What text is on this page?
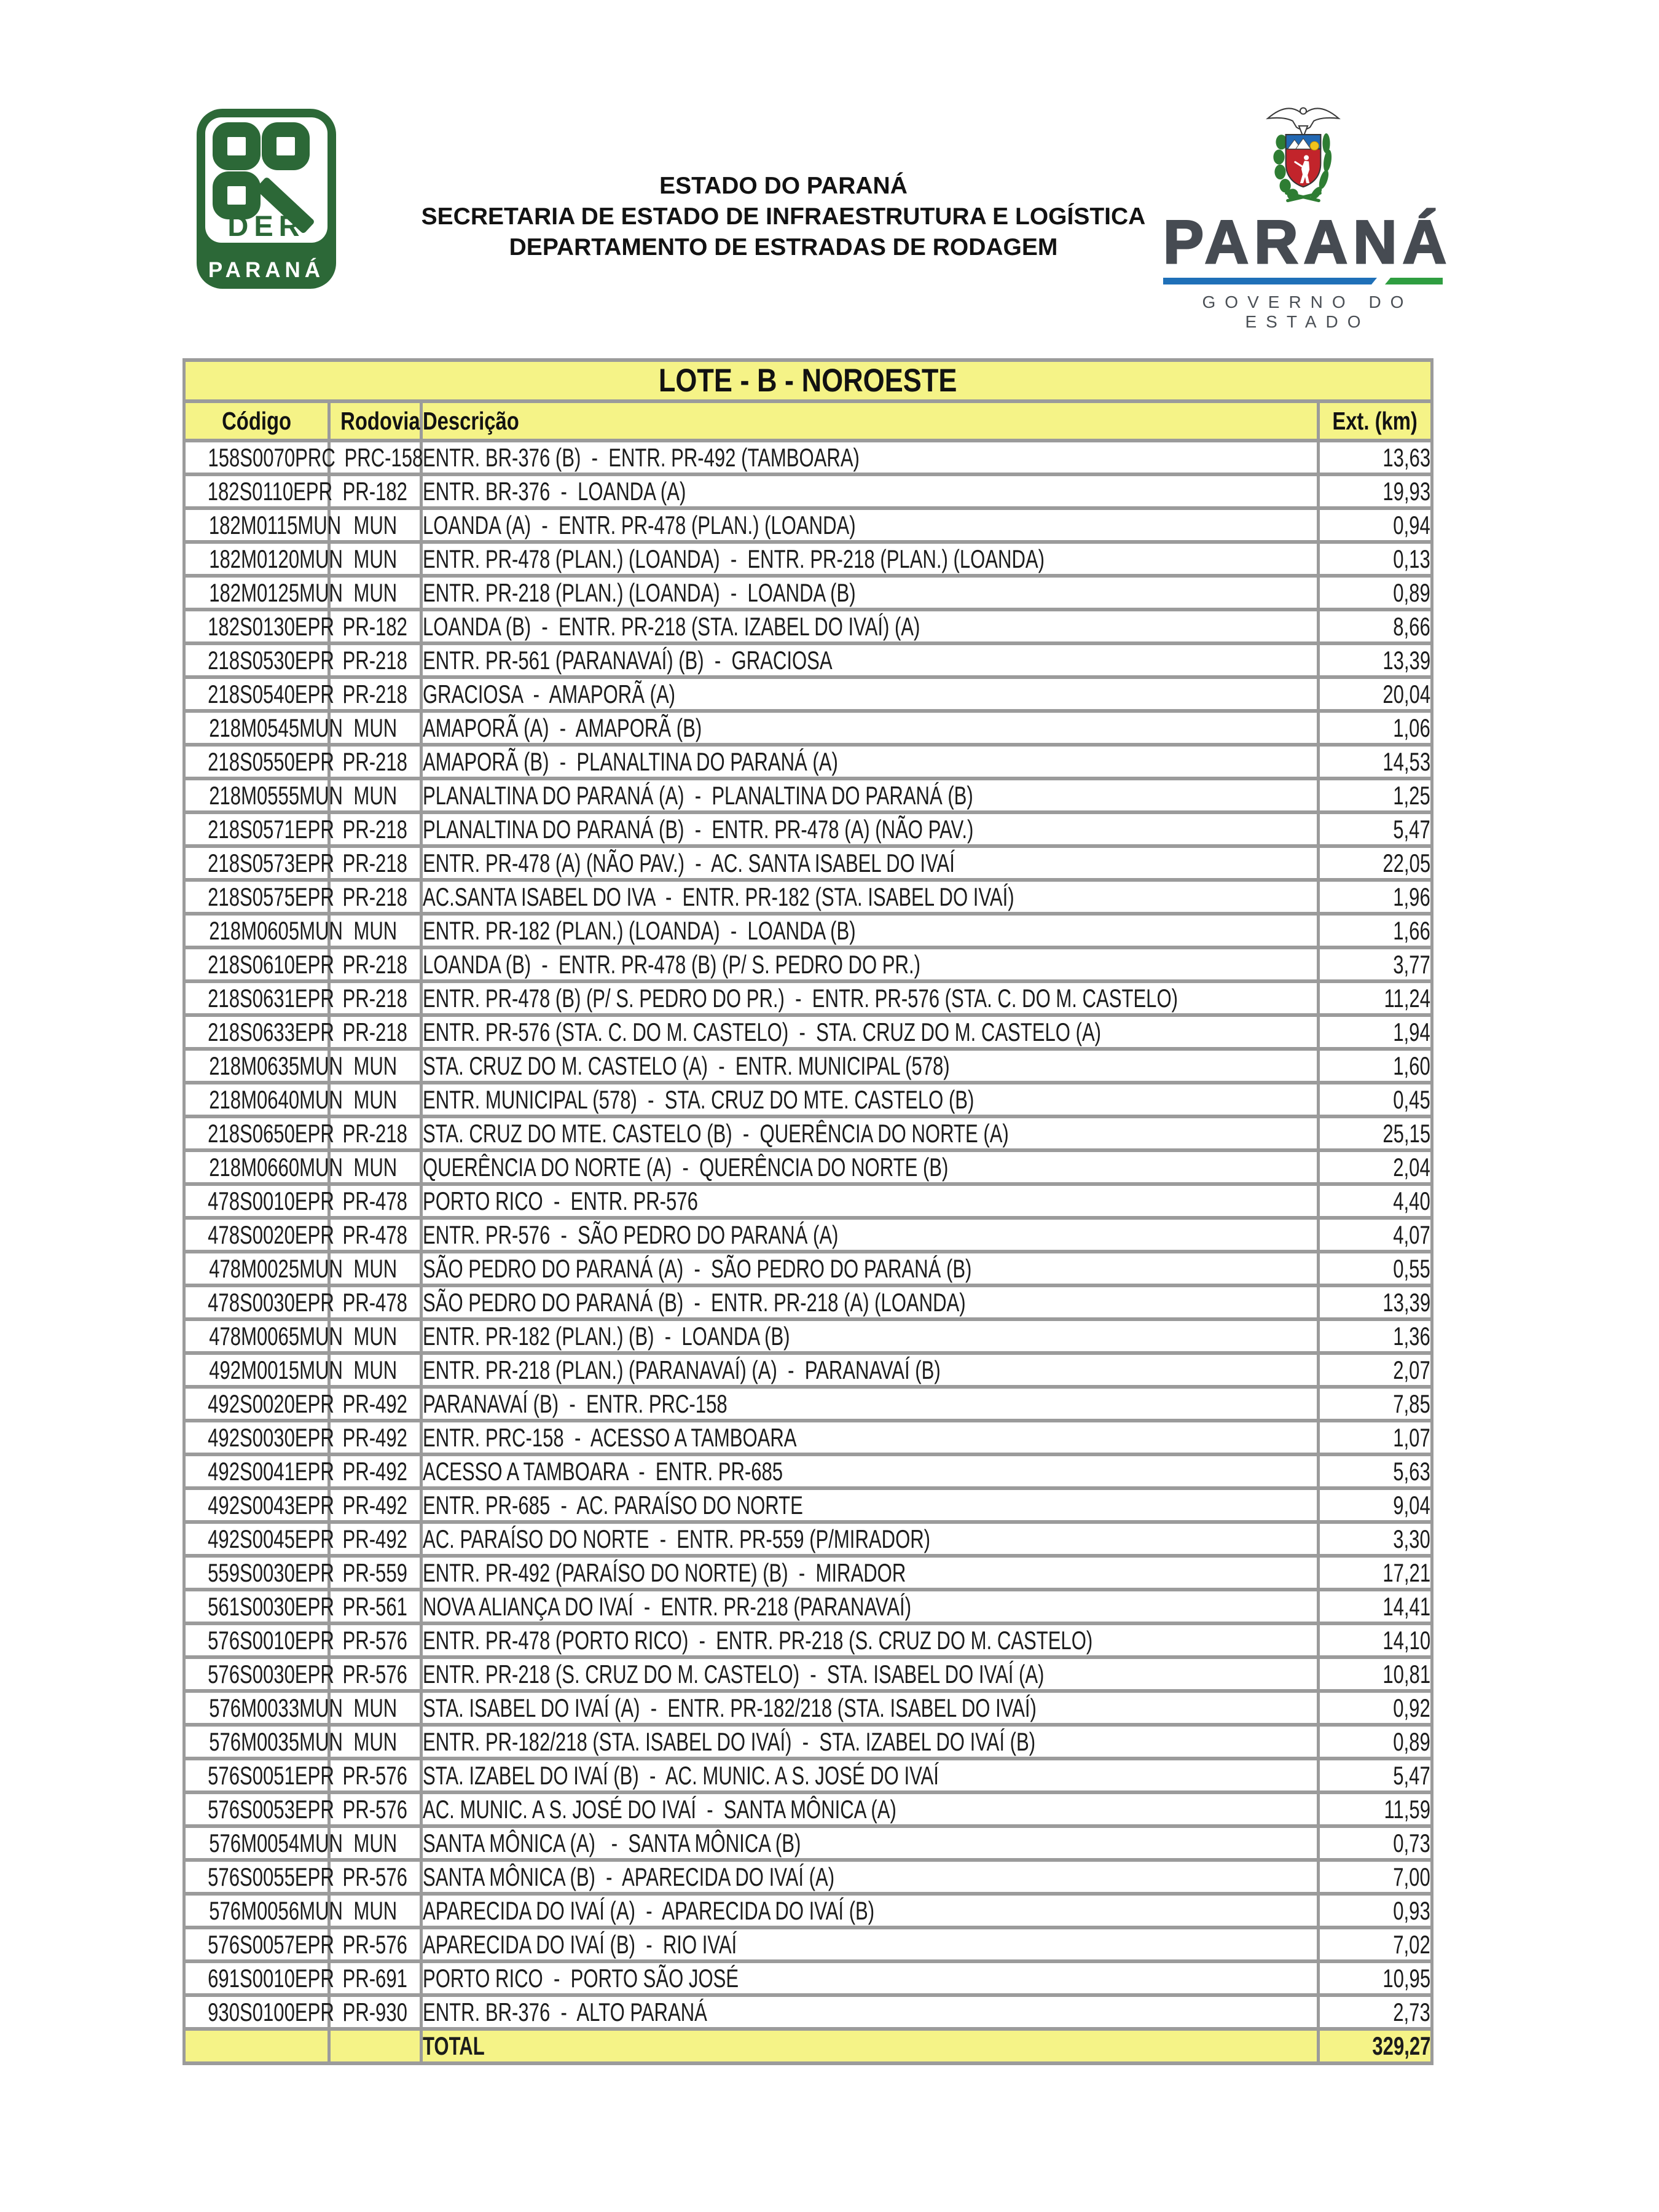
DER
PARANÁ
ESTADO DO PARANÁ
SECRETARIA DE ESTADO DE INFRAESTRUTURA E LOGÍSTICA
DEPARTAMENTO DE ESTRADAS DE RODAGEM	PARANÁ
GOVERNO DO ESTADO
LOTE - B - NOROESTE			
Código	Rodovia	Descrição	Ext. (km)
158S0070PRC	PRC-158	ENTR. BR-376 (B)  -  ENTR. PR-492 (TAMBOARA)	13,63
182S0110EPR	PR-182	ENTR. BR-376  -  LOANDA (A)	19,93
182M0115MUN	MUN	LOANDA (A)  -  ENTR. PR-478 (PLAN.) (LOANDA)	0,94
182M0120MUN	MUN	ENTR. PR-478 (PLAN.) (LOANDA)  -  ENTR. PR-218 (PLAN.) (LOANDA)	0,13
182M0125MUN	MUN	ENTR. PR-218 (PLAN.) (LOANDA)  -  LOANDA (B)	0,89
182S0130EPR	PR-182	LOANDA (B)  -  ENTR. PR-218 (STA. IZABEL DO IVAÍ) (A)	8,66
218S0530EPR	PR-218	ENTR. PR-561 (PARANAVAÍ) (B)  -  GRACIOSA	13,39
218S0540EPR	PR-218	GRACIOSA  -  AMAPORÃ (A)	20,04
218M0545MUN	MUN	AMAPORÃ (A)  -  AMAPORÃ (B)	1,06
218S0550EPR	PR-218	AMAPORÃ (B)  -  PLANALTINA DO PARANÁ (A)	14,53
218M0555MUN	MUN	PLANALTINA DO PARANÁ (A)  -  PLANALTINA DO PARANÁ (B)	1,25
218S0571EPR	PR-218	PLANALTINA DO PARANÁ (B)  -  ENTR. PR-478 (A) (NÃO PAV.)	5,47
218S0573EPR	PR-218	ENTR. PR-478 (A) (NÃO PAV.)  -  AC. SANTA ISABEL DO IVAÍ	22,05
218S0575EPR	PR-218	AC.SANTA ISABEL DO IVA  -  ENTR. PR-182 (STA. ISABEL DO IVAÍ)	1,96
218M0605MUN	MUN	ENTR. PR-182 (PLAN.) (LOANDA)  -  LOANDA (B)	1,66
218S0610EPR	PR-218	LOANDA (B)  -  ENTR. PR-478 (B) (P/ S. PEDRO DO PR.)	3,77
218S0631EPR	PR-218	ENTR. PR-478 (B) (P/ S. PEDRO DO PR.)  -  ENTR. PR-576 (STA. C. DO M. CASTELO)	11,24
218S0633EPR	PR-218	ENTR. PR-576 (STA. C. DO M. CASTELO)  -  STA. CRUZ DO M. CASTELO (A)	1,94
218M0635MUN	MUN	STA. CRUZ DO M. CASTELO (A)  -  ENTR. MUNICIPAL (578)	1,60
218M0640MUN	MUN	ENTR. MUNICIPAL (578)  -  STA. CRUZ DO MTE. CASTELO (B)	0,45
218S0650EPR	PR-218	STA. CRUZ DO MTE. CASTELO (B)  -  QUERÊNCIA DO NORTE (A)	25,15
218M0660MUN	MUN	QUERÊNCIA DO NORTE (A)  -  QUERÊNCIA DO NORTE (B)	2,04
478S0010EPR	PR-478	PORTO RICO  -  ENTR. PR-576	4,40
478S0020EPR	PR-478	ENTR. PR-576  -  SÃO PEDRO DO PARANÁ (A)	4,07
478M0025MUN	MUN	SÃO PEDRO DO PARANÁ (A)  -  SÃO PEDRO DO PARANÁ (B)	0,55
478S0030EPR	PR-478	SÃO PEDRO DO PARANÁ (B)  -  ENTR. PR-218 (A) (LOANDA)	13,39
478M0065MUN	MUN	ENTR. PR-182 (PLAN.) (B)  -  LOANDA (B)	1,36
492M0015MUN	MUN	ENTR. PR-218 (PLAN.) (PARANAVAÍ) (A)  -  PARANAVAÍ (B)	2,07
492S0020EPR	PR-492	PARANAVAÍ (B)  -  ENTR. PRC-158	7,85
492S0030EPR	PR-492	ENTR. PRC-158  -  ACESSO A TAMBOARA	1,07
492S0041EPR	PR-492	ACESSO A TAMBOARA  -  ENTR. PR-685	5,63
492S0043EPR	PR-492	ENTR. PR-685  -  AC. PARAÍSO DO NORTE	9,04
492S0045EPR	PR-492	AC. PARAÍSO DO NORTE  -  ENTR. PR-559 (P/MIRADOR)	3,30
559S0030EPR	PR-559	ENTR. PR-492 (PARAÍSO DO NORTE) (B)  -  MIRADOR	17,21
561S0030EPR	PR-561	NOVA ALIANÇA DO IVAÍ  -  ENTR. PR-218 (PARANAVAÍ)	14,41
576S0010EPR	PR-576	ENTR. PR-478 (PORTO RICO)  -  ENTR. PR-218 (S. CRUZ DO M. CASTELO)	14,10
576S0030EPR	PR-576	ENTR. PR-218 (S. CRUZ DO M. CASTELO)  -  STA. ISABEL DO IVAÍ (A)	10,81
576M0033MUN	MUN	STA. ISABEL DO IVAÍ (A)  -  ENTR. PR-182/218 (STA. ISABEL DO IVAÍ)	0,92
576M0035MUN	MUN	ENTR. PR-182/218 (STA. ISABEL DO IVAÍ)  -  STA. IZABEL DO IVAÍ (B)	0,89
576S0051EPR	PR-576	STA. IZABEL DO IVAÍ (B)  -  AC. MUNIC. A S. JOSÉ DO IVAÍ	5,47
576S0053EPR	PR-576	AC. MUNIC. A S. JOSÉ DO IVAÍ  -  SANTA MÔNICA (A)	11,59
576M0054MUN	MUN	SANTA MÔNICA (A)   -  SANTA MÔNICA (B)	0,73
576S0055EPR	PR-576	SANTA MÔNICA (B)  -  APARECIDA DO IVAÍ (A)	7,00
576M0056MUN	MUN	APARECIDA DO IVAÍ (A)  -  APARECIDA DO IVAÍ (B)	0,93
576S0057EPR	PR-576	APARECIDA DO IVAÍ (B)  -  RIO IVAÍ	7,02
691S0010EPR	PR-691	PORTO RICO  -  PORTO SÃO JOSÉ	10,95
930S0100EPR	PR-930	ENTR. BR-376  -  ALTO PARANÁ	2,73
		TOTAL	329,27
